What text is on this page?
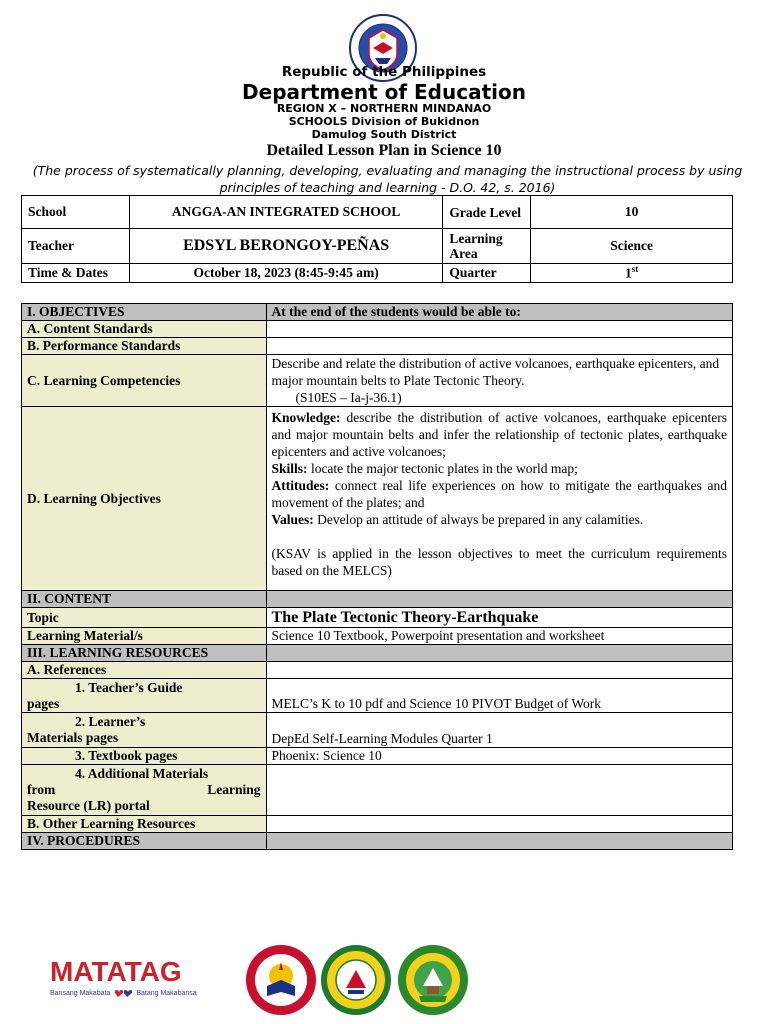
Republic of the Philippines
Department of Education
REGION X – NORTHERN MINDANAO
SCHOOLS Division of Bukidnon
Damulog South District
Detailed Lesson Plan in Science 10
(The process of systematically planning, developing, evaluating and managing the instructional process by using principles of teaching and learning - D.O. 42, s. 2016)
School	ANGGA-AN INTEGRATED SCHOOL	Grade Level	10
Teacher	EDSYL BERONGOY-PEÑAS	Learning Area	Science
Time & Dates	October 18, 2023 (8:45-9:45 am)	Quarter	1st
I. OBJECTIVES	At the end of the students would be able to:
A. Content Standards	
B. Performance Standards	
C. Learning Competencies	Describe and relate the distribution of active volcanoes, earthquake epicenters, and major mountain belts to Plate Tectonic Theory.
(S10ES – Ia-j-36.1)

D. Learning Objectives	Knowledge: describe the distribution of active volcanoes, earthquake epicenters and major mountain belts and infer the relationship of tectonic plates, earthquake epicenters and active volcanoes;

Skills: locate the major tectonic plates in the world map;

Attitudes: connect real life experiences on how to mitigate the earthquakes and movement of the plates; and

Values: Develop an attitude of always be prepared in any calamities.

(KSAV is applied in the lesson objectives to meet the curriculum requirements based on the MELCS)

II. CONTENT	
Topic	The Plate Tectonic Theory-Earthquake
Learning Material/s	Science 10 Textbook, Powerpoint presentation and worksheet
III. LEARNING RESOURCES	
A. References	

1. Teacher’s Guide
pages	MELC’s K to 10 pdf and Science 10 PIVOT Budget of Work

2. Learner’s
Materials pages	DepEd Self-Learning Modules Quarter 1
3. Textbook pages	Phoenix: Science 10

4. Additional Materials
from Learning
Resource (LR) portal	

B. Other Learning Resources	
IV. PROCEDURES	
MATATAG
Bansang Makabata	Batang Makabansa
